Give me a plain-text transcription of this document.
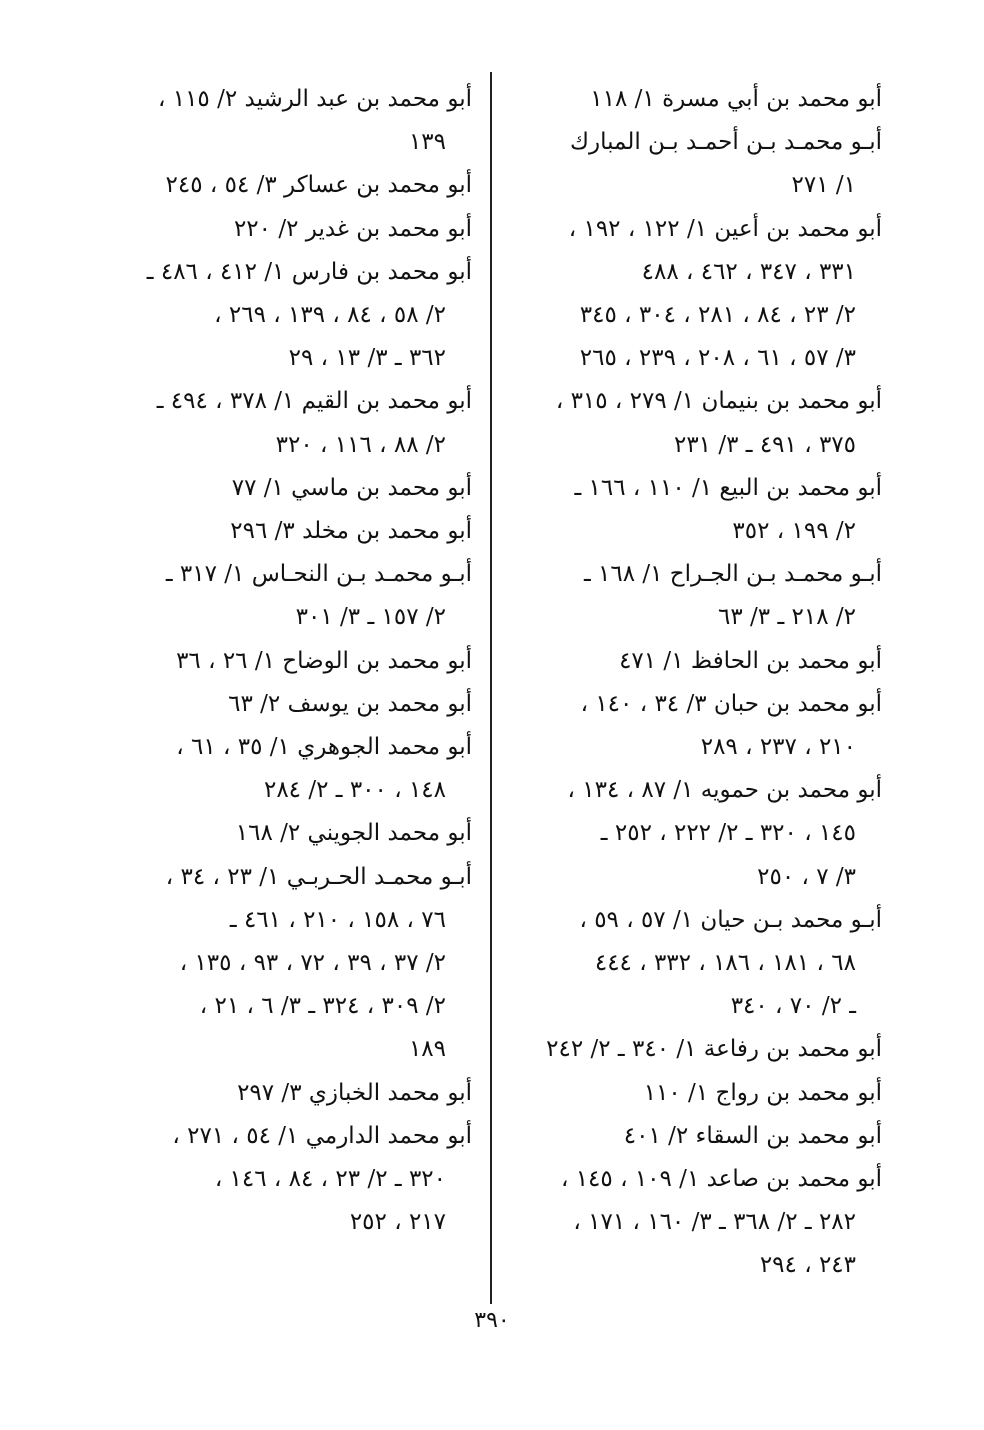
أبو محمد بن أبي مسرة ١/ ١١٨
أبـو محمـد بـن أحمـد بـن المبارك
١/ ٢٧١
أبو محمد بن أعين ١/ ١٢٢ ، ١٩٢ ،
٣٣١ ، ٣٤٧ ، ٤٦٢ ، ٤٨٨
٢/ ٢٣ ، ٨٤ ، ٢٨١ ، ٣٠٤ ، ٣٤٥
٣/ ٥٧ ، ٦١ ، ٢٠٨ ، ٢٣٩ ، ٢٦٥
أبو محمد بن بنيمان ١/ ٢٧٩ ، ٣١٥ ،
٣٧٥ ، ٤٩١ ـ ٣/ ٢٣١
أبو محمد بن البيع ١/ ١١٠ ، ١٦٦ ـ
٢/ ١٩٩ ، ٣٥٢
أبـو محمـد بـن الجـراح ١/ ١٦٨ ـ
٢/ ٢١٨ ـ ٣/ ٦٣
أبو محمد بن الحافظ ١/ ٤٧١
أبو محمد بن حبان ٣/ ٣٤ ، ١٤٠ ،
٢١٠ ، ٢٣٧ ، ٢٨٩
أبو محمد بن حمويه ١/ ٨٧ ، ١٣٤ ،
١٤٥ ، ٣٢٠ ـ ٢/ ٢٢٢ ، ٢٥٢ ـ
٣/ ٧ ، ٢٥٠
أبـو محمد بـن حيان ١/ ٥٧ ، ٥٩ ،
٦٨ ، ١٨١ ، ١٨٦ ، ٣٣٢ ، ٤٤٤
ـ ٢/ ٧٠ ، ٣٤٠
أبو محمد بن رفاعة ١/ ٣٤٠ ـ ٢/ ٢٤٢
أبو محمد بن رواج ١/ ١١٠
أبو محمد بن السقاء ٢/ ٤٠١
أبو محمد بن صاعد ١/ ١٠٩ ، ١٤٥ ،
٢٨٢ ـ ٢/ ٣٦٨ ـ ٣/ ١٦٠ ، ١٧١ ،
٢٤٣ ، ٢٩٤
أبو محمد بن عبد الرشيد ٢/ ١١٥ ،
١٣٩
أبو محمد بن عساكر ٣/ ٥٤ ، ٢٤٥
أبو محمد بن غدير ٢/ ٢٢٠
أبو محمد بن فارس ١/ ٤١٢ ، ٤٨٦ ـ
٢/ ٥٨ ، ٨٤ ، ١٣٩ ، ٢٦٩ ،
٣٦٢ ـ ٣/ ١٣ ، ٢٩
أبو محمد بن القيم ١/ ٣٧٨ ، ٤٩٤ ـ
٢/ ٨٨ ، ١١٦ ، ٣٢٠
أبو محمد بن ماسي ١/ ٧٧
أبو محمد بن مخلد ٣/ ٢٩٦
أبـو محمـد بـن النحـاس ١/ ٣١٧ ـ
٢/ ١٥٧ ـ ٣/ ٣٠١
أبو محمد بن الوضاح ١/ ٢٦ ، ٣٦
أبو محمد بن يوسف ٢/ ٦٣
أبو محمد الجوهري ١/ ٣٥ ، ٦١ ،
١٤٨ ، ٣٠٠ ـ ٢/ ٢٨٤
أبو محمد الجويني ٢/ ١٦٨
أبـو محمـد الحـربـي ١/ ٢٣ ، ٣٤ ،
٧٦ ، ١٥٨ ، ٢١٠ ، ٤٦١ ـ
٢/ ٣٧ ، ٣٩ ، ٧٢ ، ٩٣ ، ١٣٥ ،
٢/ ٣٠٩ ، ٣٢٤ ـ ٣/ ٦ ، ٢١ ،
١٨٩
أبو محمد الخبازي ٣/ ٢٩٧
أبو محمد الدارمي ١/ ٥٤ ، ٢٧١ ،
٣٢٠ ـ ٢/ ٢٣ ، ٨٤ ، ١٤٦ ،
٢١٧ ، ٢٥٢
٣٩٠
